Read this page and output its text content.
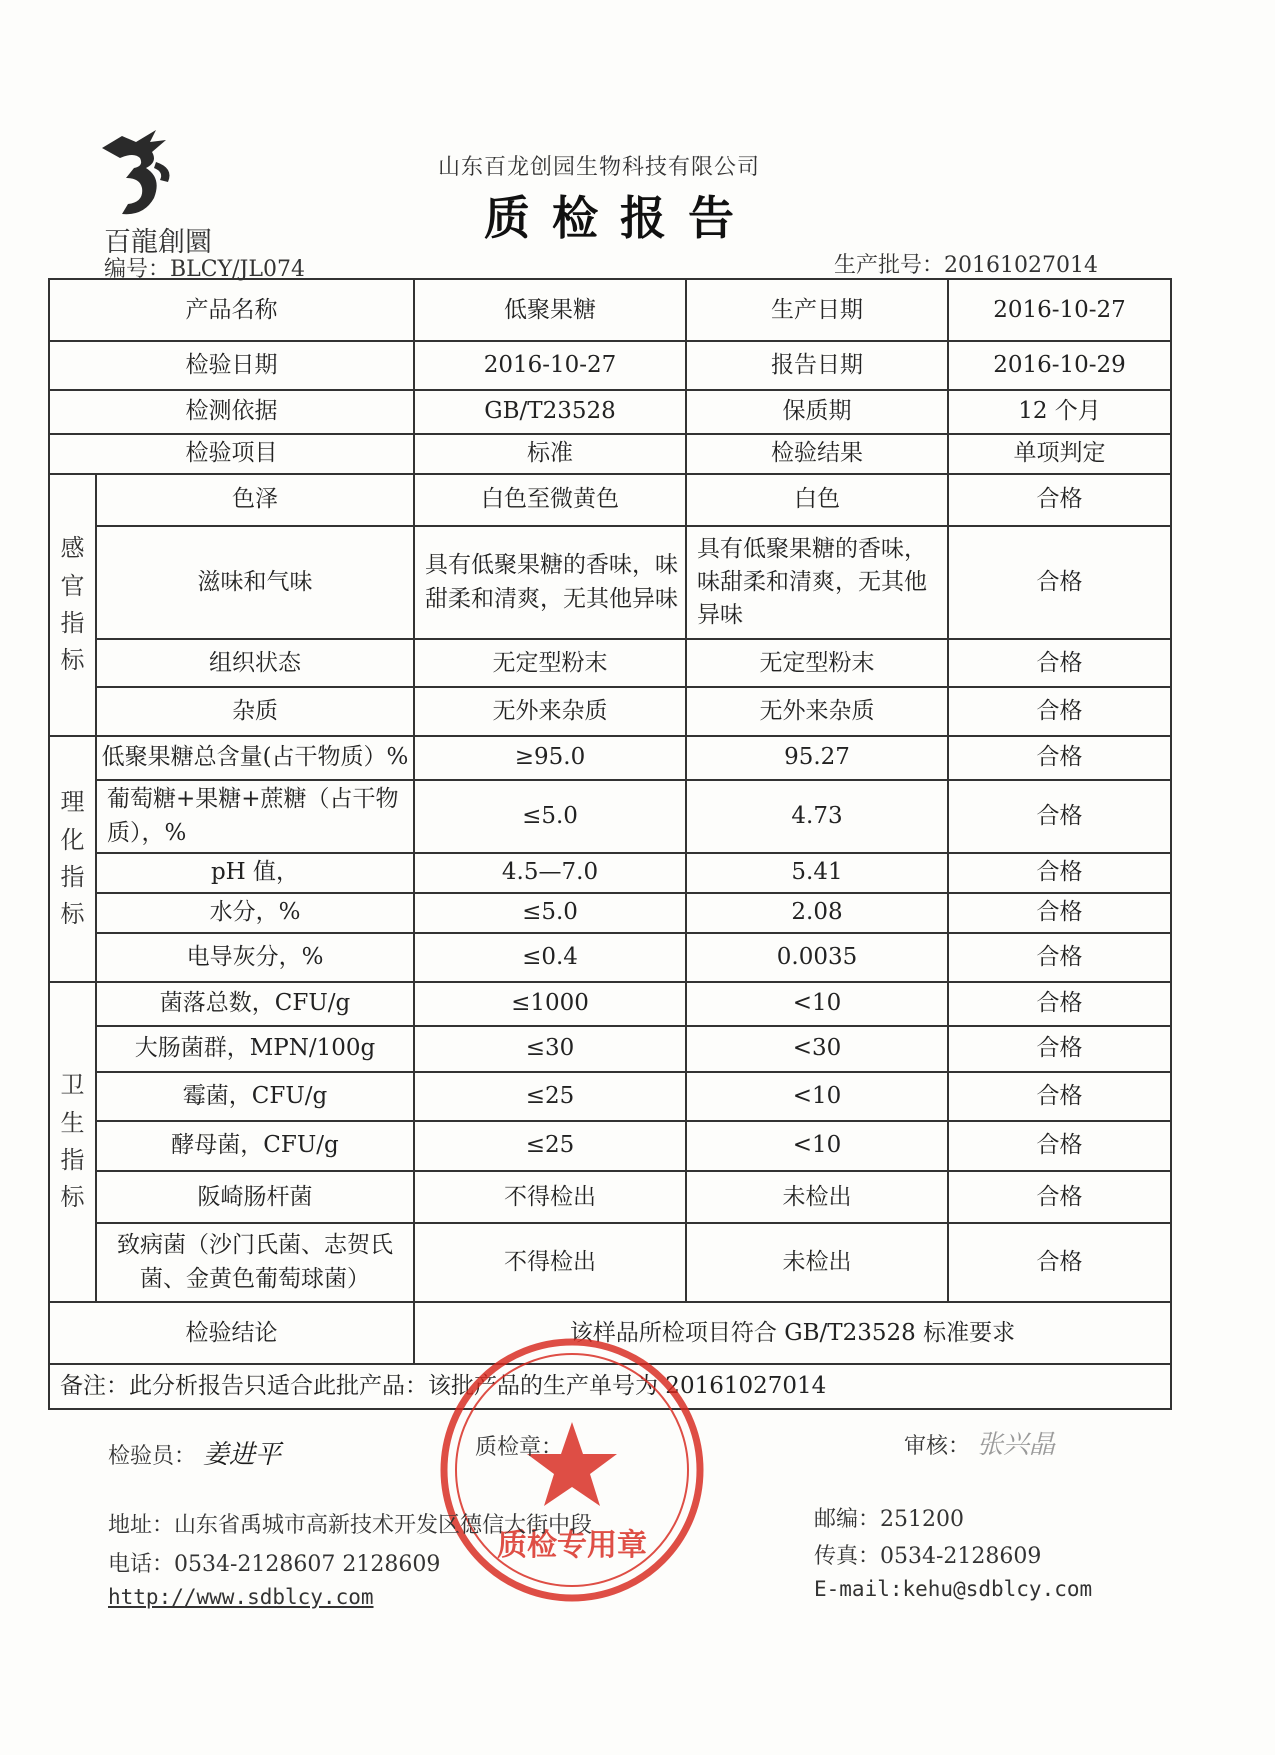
百龍創圜
山东百龙创园生物科技有限公司
质检报告
编号：BLCY/JL074	生产批号：20161027014
产品名称		低聚果糖	生产日期	2016-10-27
检验日期		2016-10-27	报告日期	2016-10-29
检测依据		GB/T23528	保质期	12 个月
检验项目		标准	检验结果	单项判定
感官指标	色泽	白色至微黄色	白色	合格
	滋味和气味	具有低聚果糖的香味，味甜柔和清爽，无其他异味	具有低聚果糖的香味，味甜柔和清爽，无其他异味	合格
	组织状态	无定型粉末	无定型粉末	合格
	杂质	无外来杂质	无外来杂质	合格
理化指标	低聚果糖总含量(占干物质）%	≥95.0	95.27	合格
	葡萄糖+果糖+蔗糖（占干物质），%	≤5.0	4.73	合格
	pH 值，	4.5—7.0	5.41	合格
	水分，%	≤5.0	2.08	合格
	电导灰分，%	≤0.4	0.0035	合格
卫生指标	菌落总数，CFU/g	≤1000	<10	合格
	大肠菌群，MPN/100g	≤30	<30	合格
	霉菌，CFU/g	≤25	<10	合格
	酵母菌，CFU/g	≤25	<10	合格
	阪崎肠杆菌	不得检出	未检出	合格
	致病菌（沙门氏菌、志贺氏菌、金黄色葡萄球菌）	不得检出	未检出	合格
检验结论		该样品所检项目符合 GB/T23528 标准要求		
备注：此分析报告只适合此批产品：该批产品的生产单号为 20161027014				
质检专用章
检验员： 姜进平	质检章：	审核： 张兴晶
地址：山东省禹城市高新技术开发区德信大街中段
电话：0534-2128607 2128609
http://www.sdblcy.com
邮编：251200
传真：0534-2128609
E-mail:kehu@sdblcy.com
